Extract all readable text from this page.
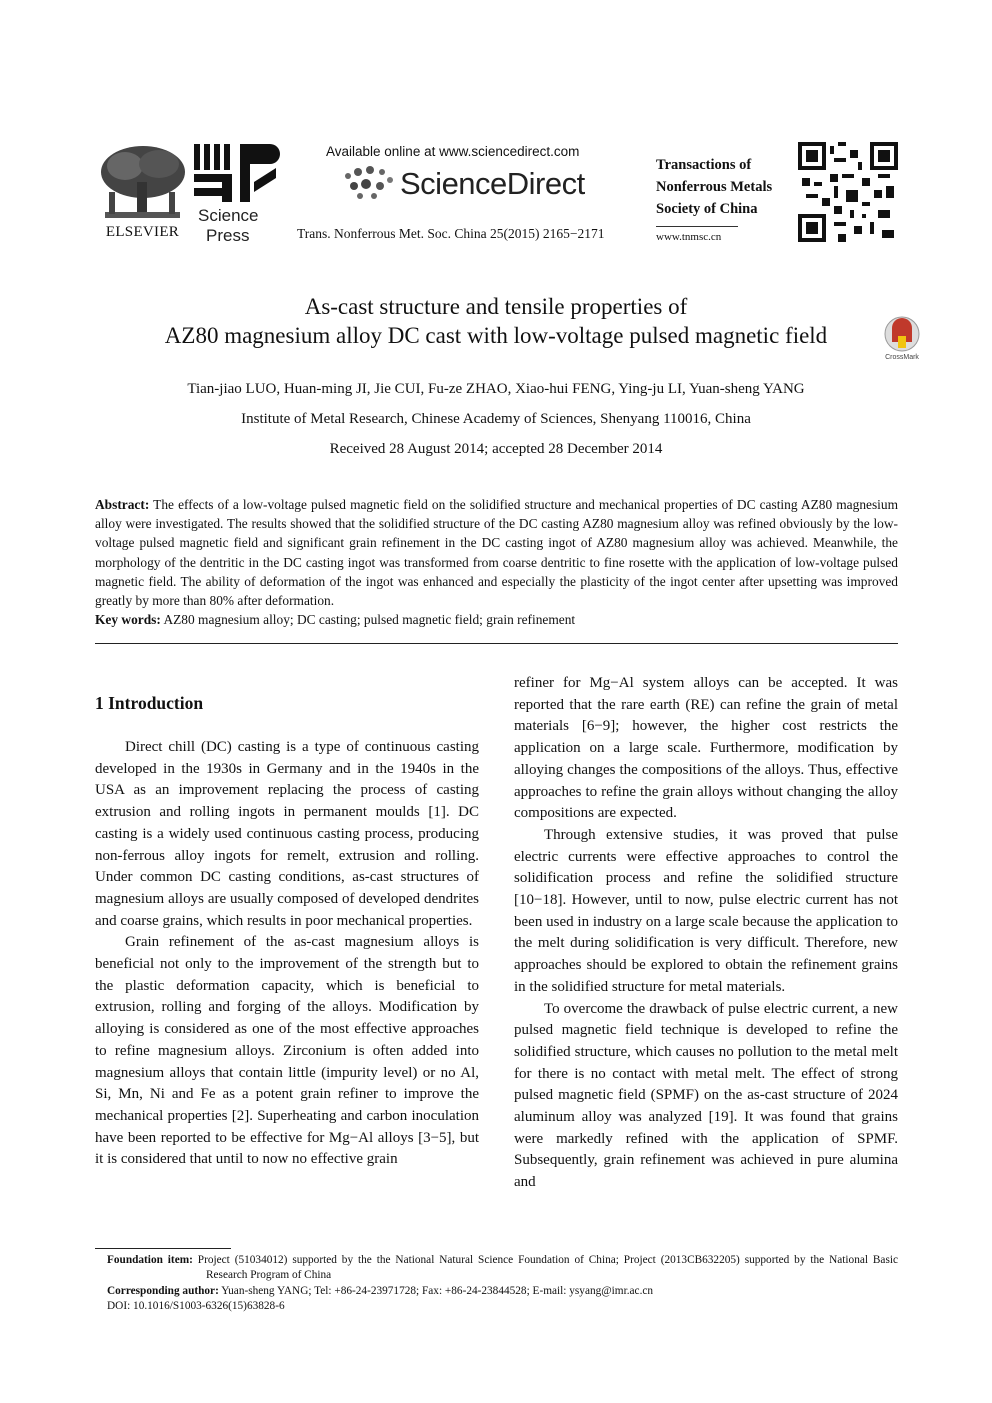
ELSEVIER
Science
Press
Available online at www.sciencedirect.com
ScienceDirect
Trans. Nonferrous Met. Soc. China 25(2015) 2165−2171
Transactions of
Nonferrous Metals
Society of China
www.tnmsc.cn
As-cast structure and tensile properties of
AZ80 magnesium alloy DC cast with low-voltage pulsed magnetic field
CrossMark
Tian-jiao LUO, Huan-ming JI, Jie CUI, Fu-ze ZHAO, Xiao-hui FENG, Ying-ju LI, Yuan-sheng YANG
Institute of Metal Research, Chinese Academy of Sciences, Shenyang 110016, China
Received 28 August 2014; accepted 28 December 2014
Abstract: The effects of a low-voltage pulsed magnetic field on the solidified structure and mechanical properties of DC casting AZ80 magnesium alloy were investigated. The results showed that the solidified structure of the DC casting AZ80 magnesium alloy was refined obviously by the low-voltage pulsed magnetic field and significant grain refinement in the DC casting ingot of AZ80 magnesium alloy was achieved. Meanwhile, the morphology of the dentritic in the DC casting ingot was transformed from coarse dentritic to fine rosette with the application of low-voltage pulsed magnetic field. The ability of deformation of the ingot was enhanced and especially the plasticity of the ingot center after upsetting was improved greatly by more than 80% after deformation.
Key words: AZ80 magnesium alloy; DC casting; pulsed magnetic field; grain refinement
1 Introduction

Direct chill (DC) casting is a type of continuous casting developed in the 1930s in Germany and in the 1940s in the USA as an improvement replacing the process of casting extrusion and rolling ingots in permanent moulds [1]. DC casting is a widely used continuous casting process, producing non-ferrous alloy ingots for remelt, extrusion and rolling. Under common DC casting conditions, as-cast structures of magnesium alloys are usually composed of developed dendrites and coarse grains, which results in poor mechanical properties.

Grain refinement of the as-cast magnesium alloys is beneficial not only to the improvement of the strength but to the plastic deformation capacity, which is beneficial to extrusion, rolling and forging of the alloys. Modification by alloying is considered as one of the most effective approaches to refine magnesium alloys. Zirconium is often added into magnesium alloys that contain little (impurity level) or no Al, Si, Mn, Ni and Fe as a potent grain refiner to improve the mechanical properties [2]. Superheating and carbon inoculation have been reported to be effective for Mg−Al alloys [3−5], but it is considered that until to now no effective grain

refiner for Mg−Al system alloys can be accepted. It was reported that the rare earth (RE) can refine the grain of metal materials [6−9]; however, the higher cost restricts the application on a large scale. Furthermore, modification by alloying changes the compositions of the alloys. Thus, effective approaches to refine the grain alloys without changing the alloy compositions are expected.

Through extensive studies, it was proved that pulse electric currents were effective approaches to control the solidification process and refine the solidified structure [10−18]. However, until to now, pulse electric current has not been used in industry on a large scale because the application to the melt during solidification is very difficult. Therefore, new approaches should be explored to obtain the refinement grains in the solidified structure for metal materials.

To overcome the drawback of pulse electric current, a new pulsed magnetic field technique is developed to refine the solidified structure, which causes no pollution to the metal melt for there is no contact with metal melt. The effect of strong pulsed magnetic field (SPMF) on the as-cast structure of 2024 aluminum alloy was analyzed [19]. It was found that grains were markedly refined with the application of SPMF. Subsequently, grain refinement was achieved in pure alumina and

Foundation item: Project (51034012) supported by the the National Natural Science Foundation of China; Project (2013CB632205) supported by the National Basic Research Program of China

Corresponding author: Yuan-sheng YANG; Tel: +86-24-23971728; Fax: +86-24-23844528; E-mail: ysyang@imr.ac.cn

DOI: 10.1016/S1003-6326(15)63828-6
